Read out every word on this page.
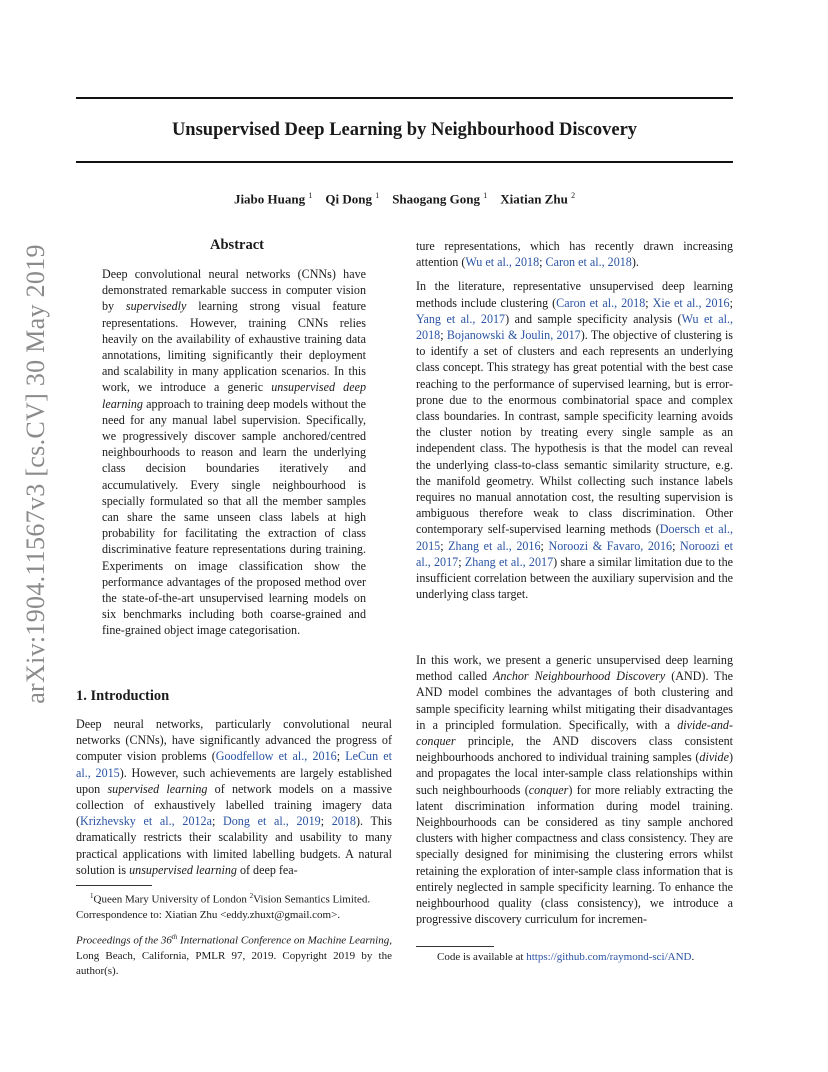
arXiv:1904.11567v3 [cs.CV] 30 May 2019
Unsupervised Deep Learning by Neighbourhood Discovery
Jiabo Huang $^1$ Qi Dong $^1$ Shaogang Gong $^1$ Xiatian Zhu $^2$
Abstract

Deep convolutional neural networks (CNNs) have demonstrated remarkable success in computer vision by supervisedly learning strong visual feature representations. However, training CNNs relies heavily on the availability of exhaustive training data annotations, limiting significantly their deployment and scalability in many application scenarios. In this work, we introduce a generic unsupervised deep learning approach to training deep models without the need for any manual label supervision. Specifically, we progressively discover sample anchored/centred neighbourhoods to reason and learn the underlying class decision boundaries iteratively and accumulatively. Every single neighbourhood is specially formulated so that all the member samples can share the same unseen class labels at high probability for facilitating the extraction of class discriminative feature representations during training. Experiments on image classification show the performance advantages of the proposed method over the state-of-the-art unsupervised learning models on six benchmarks including both coarse-grained and fine-grained object image categorisation.

1. Introduction

Deep neural networks, particularly convolutional neural networks (CNNs), have significantly advanced the progress of computer vision problems (Goodfellow et al., 2016; LeCun et al., 2015). However, such achievements are largely established upon supervised learning of network models on a massive collection of exhaustively labelled training imagery data (Krizhevsky et al., 2012a; Dong et al., 2019; 2018). This dramatically restricts their scalability and usability to many practical applications with limited labelling budgets. A natural solution is unsupervised learning of deep fea-

$^1$Queen Mary University of London $^2$Vision Semantics Limited.
Correspondence to: Xiatian Zhu <eddy.zhuxt@gmail.com>.
Proceedings of the 36th International Conference on Machine Learning, Long Beach, California, PMLR 97, 2019. Copyright 2019 by the author(s).

ture representations, which has recently drawn increasing attention (Wu et al., 2018; Caron et al., 2018).

In the literature, representative unsupervised deep learning methods include clustering (Caron et al., 2018; Xie et al., 2016; Yang et al., 2017) and sample specificity analysis (Wu et al., 2018; Bojanowski & Joulin, 2017). The objective of clustering is to identify a set of clusters and each represents an underlying class concept. This strategy has great potential with the best case reaching to the performance of supervised learning, but is error-prone due to the enormous combinatorial space and complex class boundaries. In contrast, sample specificity learning avoids the cluster notion by treating every single sample as an independent class. The hypothesis is that the model can reveal the underlying class-to-class semantic similarity structure, e.g. the manifold geometry. Whilst collecting such instance labels requires no manual annotation cost, the resulting supervision is ambiguous therefore weak to class discrimination. Other contemporary self-supervised learning methods (Doersch et al., 2015; Zhang et al., 2016; Noroozi & Favaro, 2016; Noroozi et al., 2017; Zhang et al., 2017) share a similar limitation due to the insufficient correlation between the auxiliary supervision and the underlying class target.

In this work, we present a generic unsupervised deep learning method called Anchor Neighbourhood Discovery (AND). The AND model combines the advantages of both clustering and sample specificity learning whilst mitigating their disadvantages in a principled formulation. Specifically, with a divide-and-conquer principle, the AND discovers class consistent neighbourhoods anchored to individual training samples (divide) and propagates the local inter-sample class relationships within such neighbourhoods (conquer) for more reliably extracting the latent discrimination information during model training. Neighbourhoods can be considered as tiny sample anchored clusters with higher compactness and class consistency. They are specially designed for minimising the clustering errors whilst retaining the exploration of inter-sample class information that is entirely neglected in sample specificity learning. To enhance the neighbourhood quality (class consistency), we introduce a progressive discovery curriculum for incremen-

Code is available at https://github.com/raymond-sci/AND.
